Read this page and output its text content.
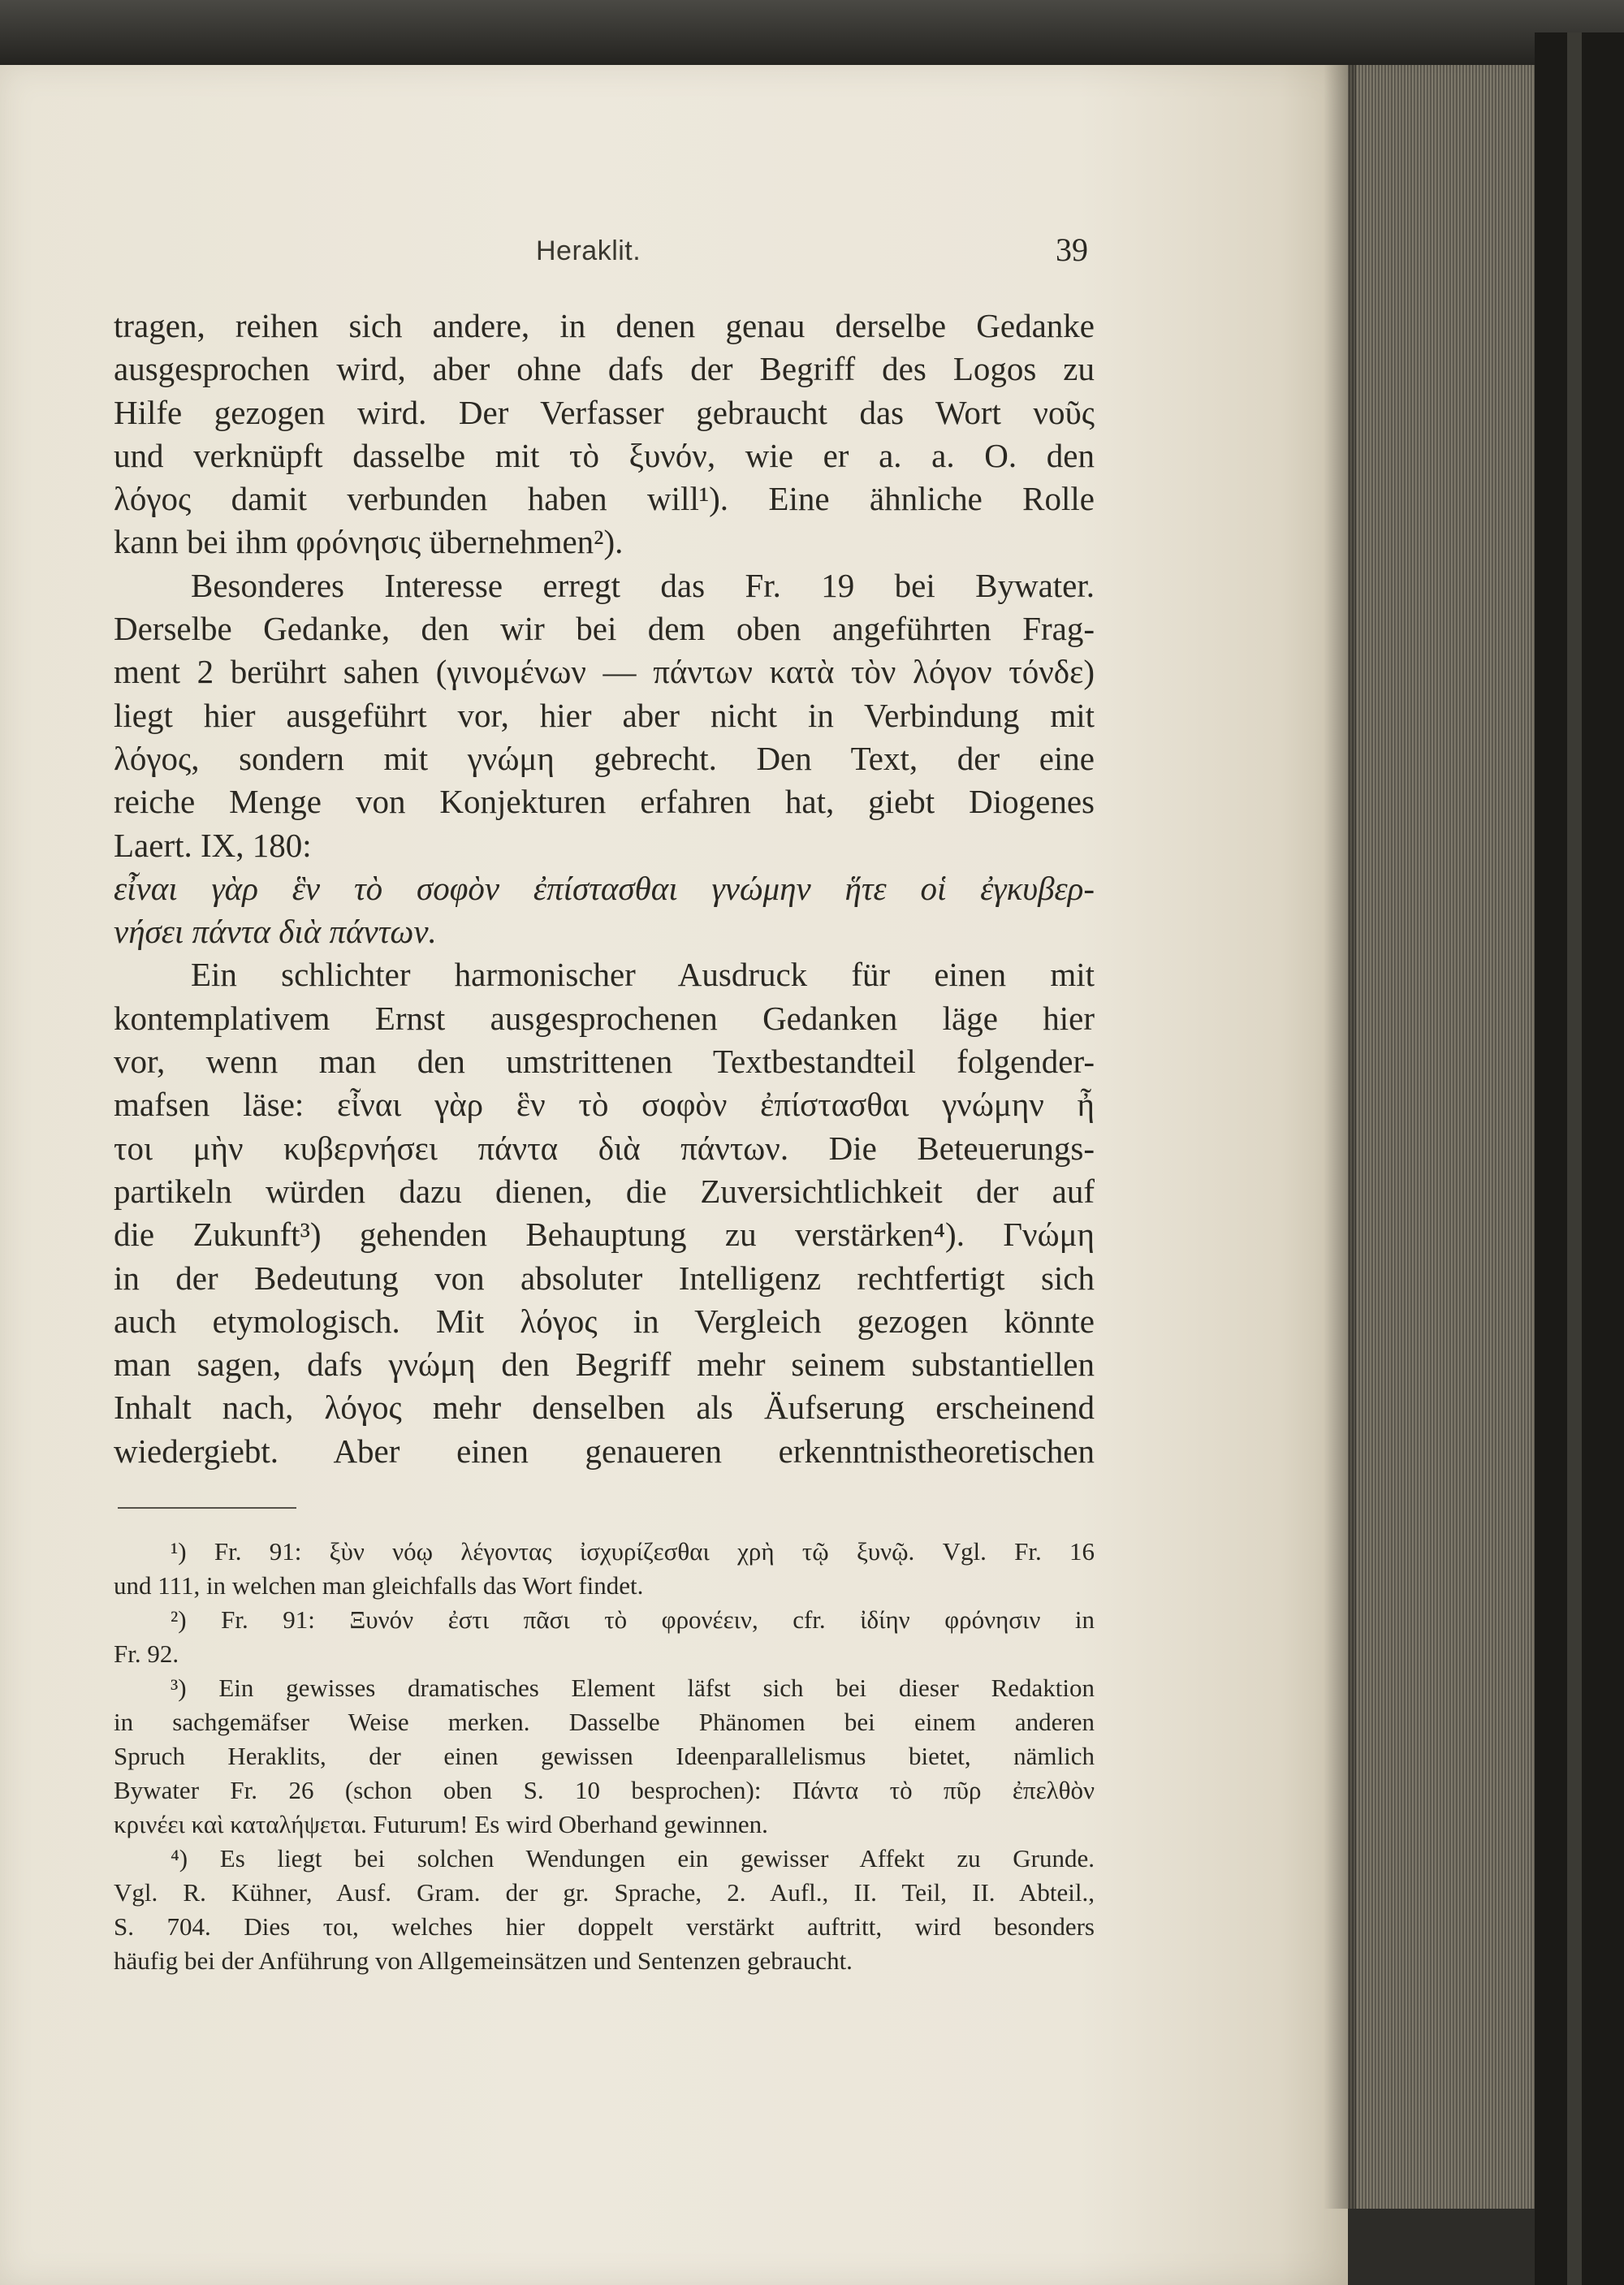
Heraklit.	39
tragen, reihen sich andere, in denen genau derselbe Gedanke
ausgesprochen wird, aber ohne dafs der Begriff des Logos zu
Hilfe gezogen wird. Der Verfasser gebraucht das Wort νοῦς
und verknüpft dasselbe mit τὸ ξυνόν, wie er a. a. O. den
λόγος damit verbunden haben will¹). Eine ähnliche Rolle
kann bei ihm φρόνησις übernehmen²).
Besonderes Interesse erregt das Fr. 19 bei Bywater.
Derselbe Gedanke, den wir bei dem oben angeführten Frag-
ment 2 berührt sahen (γινομένων — πάντων κατὰ τὸν λόγον τόνδε)
liegt hier ausgeführt vor, hier aber nicht in Verbindung mit
λόγος, sondern mit γνώμη gebrecht. Den Text, der eine
reiche Menge von Konjekturen erfahren hat, giebt Diogenes
Laert. IX, 180:
εἶναι γὰρ ἓν τὸ σοφὸν ἐπίστασθαι γνώμην ἥτε οἱ ἐγκυβερ-
νήσει πάντα διὰ πάντων.
Ein schlichter harmonischer Ausdruck für einen mit
kontemplativem Ernst ausgesprochenen Gedanken läge hier
vor, wenn man den umstrittenen Textbestandteil folgender-
mafsen läse: εἶναι γὰρ ἓν τὸ σοφὸν ἐπίστασθαι γνώμην ἦ
τοι μὴν κυβερνήσει πάντα διὰ πάντων. Die Beteuerungs-
partikeln würden dazu dienen, die Zuversichtlichkeit der auf
die Zukunft³) gehenden Behauptung zu verstärken⁴). Γνώμη
in der Bedeutung von absoluter Intelligenz rechtfertigt sich
auch etymologisch. Mit λόγος in Vergleich gezogen könnte
man sagen, dafs γνώμη den Begriff mehr seinem substantiellen
Inhalt nach, λόγος mehr denselben als Äufserung erscheinend
wiedergiebt. Aber einen genaueren erkenntnistheoretischen
¹) Fr. 91: ξὺν νόῳ λέγοντας ἰσχυρίζεσθαι χρὴ τῷ ξυνῷ. Vgl. Fr. 16
und 111, in welchen man gleichfalls das Wort findet.
²) Fr. 91: Ξυνόν ἐστι πᾶσι τὸ φρονέειν, cfr. ἰδίην φρόνησιν in
Fr. 92.
³) Ein gewisses dramatisches Element läfst sich bei dieser Redaktion
in sachgemäfser Weise merken. Dasselbe Phänomen bei einem anderen
Spruch Heraklits, der einen gewissen Ideenparallelismus bietet, nämlich
Bywater Fr. 26 (schon oben S. 10 besprochen): Πάντα τὸ πῦρ ἐπελθὸν
κρινέει καὶ καταλήψεται. Futurum! Es wird Oberhand gewinnen.
⁴) Es liegt bei solchen Wendungen ein gewisser Affekt zu Grunde.
Vgl. R. Kühner, Ausf. Gram. der gr. Sprache, 2. Aufl., II. Teil, II. Abteil.,
S. 704. Dies τοι, welches hier doppelt verstärkt auftritt, wird besonders
häufig bei der Anführung von Allgemeinsätzen und Sentenzen gebraucht.
